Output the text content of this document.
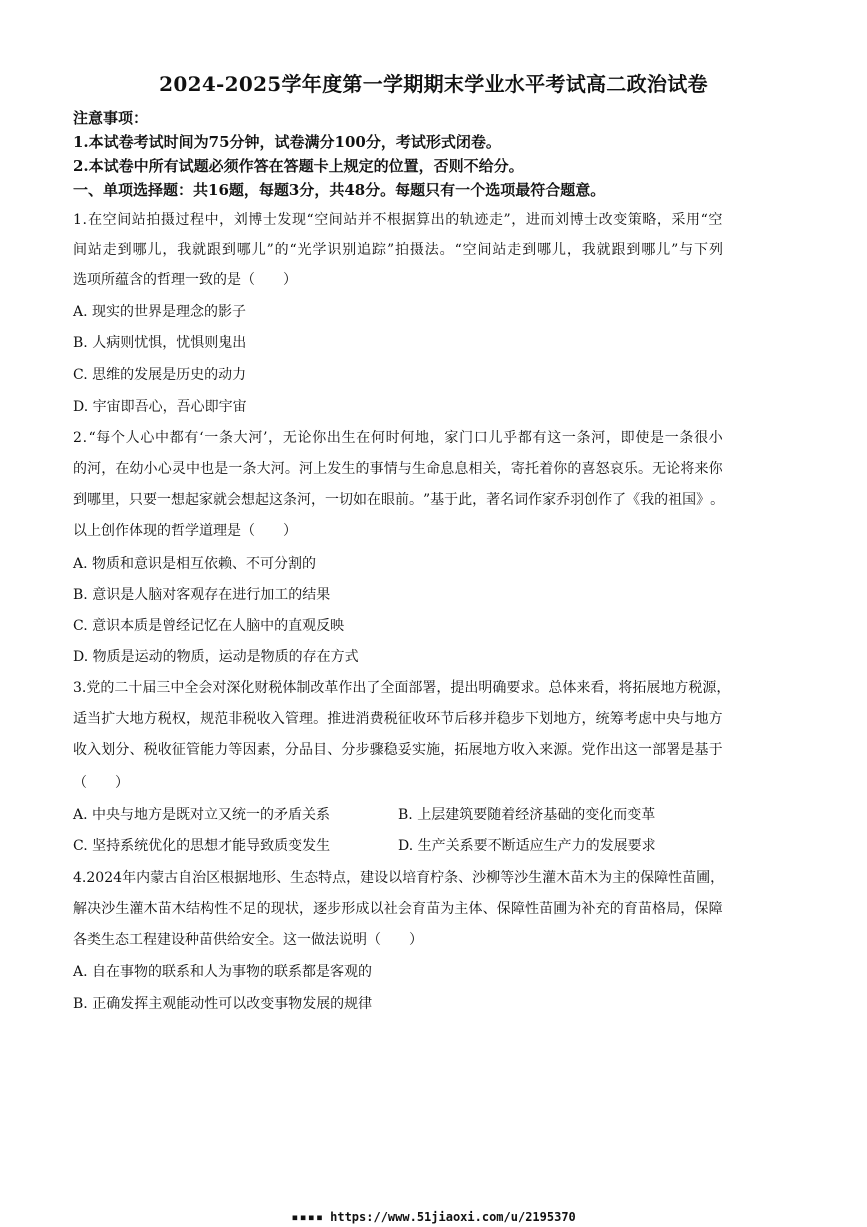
2024-2025学年度第一学期期末学业水平考试高二政治试卷
注意事项：
1.本试卷考试时间为75分钟，试卷满分100分，考试形式闭卷。
2.本试卷中所有试题必须作答在答题卡上规定的位置，否则不给分。
一、单项选择题：共16题，每题3分，共48分。每题只有一个选项最符合题意。
1 . 在 空 间 站 拍 摄 过 程 中 ， 刘 博 士 发 现 “ 空 间 站 并 不 根 据 算 出 的 轨 迹 走 ” ， 进 而 刘 博 士 改 变 策 略 ， 采 用 “ 空
间 站 走 到 哪 儿 ， 我 就 跟 到 哪 儿 ” 的 “ 光 学 识 别 追 踪 ” 拍 摄 法 。 “ 空 间 站 走 到 哪 儿 ， 我 就 跟 到 哪 儿 ” 与 下 列
选项所蕴含的哲理一致的是（　　）
A. 现实的世界是理念的影子
B. 人病则忧惧，忧惧则鬼出
C. 思维的发展是历史的动力
D. 宇宙即吾心，吾心即宇宙
2 . “ 每 个 人 心 中 都 有 ‘ 一 条 大 河 ’ ， 无 论 你 出 生 在 何 时 何 地 ， 家 门 口 儿 乎 都 有 这 一 条 河 ， 即 使 是 一 条 很 小
的 河 ， 在 幼 小 心 灵 中 也 是 一 条 大 河 。 河 上 发 生 的 事 情 与 生 命 息 息 相 关 ， 寄 托 着 你 的 喜 怒 哀 乐 。 无 论 将 来 你
到 哪 里 ， 只 要 一 想 起 家 就 会 想 起 这 条 河 ， 一 切 如 在 眼 前 。 ” 基 于 此 ， 著 名 词 作 家 乔 羽 创 作 了 《 我 的 祖 国 》 。
以上创作体现的哲学道理是（　　）
A. 物质和意识是相互依赖、不可分割的
B. 意识是人脑对客观存在进行加工的结果
C. 意识本质是曾经记忆在人脑中的直观反映
D. 物质是运动的物质，运动是物质的存在方式
3 . 党 的 二 十 届 三 中 全 会 对 深 化 财 税 体 制 改 革 作 出 了 全 面 部 署 ， 提 出 明 确 要 求 。 总 体 来 看 ， 将 拓 展 地 方 税 源 ，
适 当 扩 大 地 方 税 权 ， 规 范 非 税 收 入 管 理 。 推 进 消 费 税 征 收 环 节 后 移 并 稳 步 下 划 地 方 ， 统 筹 考 虑 中 央 与 地 方
收 入 划 分 、 税 收 征 管 能 力 等 因 素 ， 分 品 目 、 分 步 骤 稳 妥 实 施 ， 拓 展 地 方 收 入 来 源 。 党 作 出 这 一 部 署 是 基 于
（　　）
A. 中央与地方是既对立又统一的矛盾关系	B. 上层建筑要随着经济基础的变化而变革
C. 坚持系统优化的思想才能导致质变发生	D. 生产关系要不断适应生产力的发展要求
4 . 2 0 2 4 年 内 蒙 古 自 治 区 根 据 地 形 、 生 态 特 点 ， 建 设 以 培 育 柠 条 、 沙 柳 等 沙 生 灌 木 苗 木 为 主 的 保 障 性 苗 圃 ，
解 决 沙 生 灌 木 苗 木 结 构 性 不 足 的 现 状 ， 逐 步 形 成 以 社 会 育 苗 为 主 体 、 保 障 性 苗 圃 为 补 充 的 育 苗 格 局 ， 保 障
各类生态工程建设种苗供给安全。这一做法说明（　　）
A. 自在事物的联系和人为事物的联系都是客观的
B. 正确发挥主观能动性可以改变事物发展的规律
▪▪▪▪ https://www.51jiaoxi.com/u/2195370
